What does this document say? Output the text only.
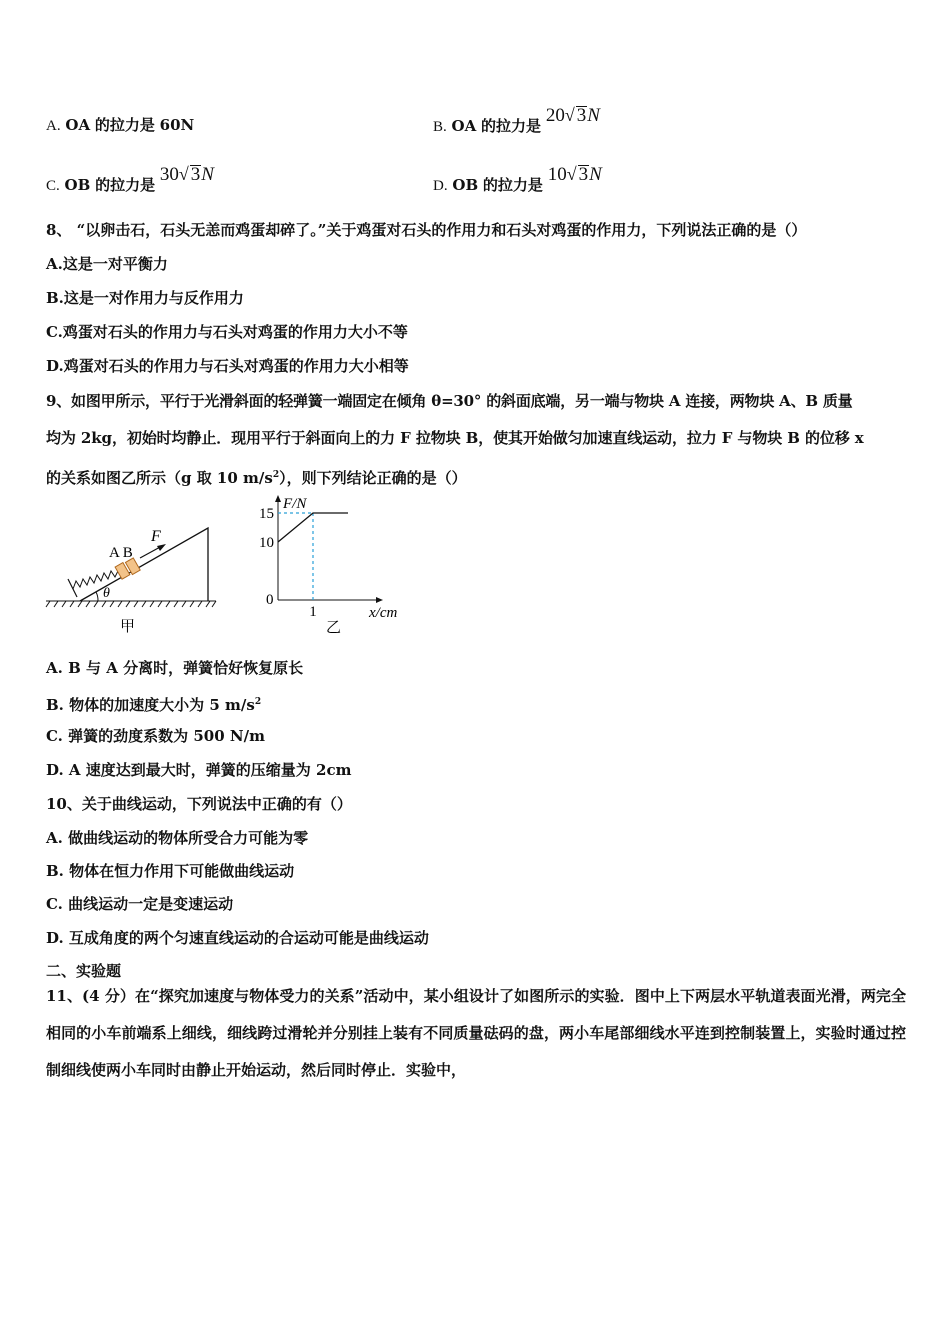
A. OA 的拉力是 60N	B. OA 的拉力是 20√ 3N
C. OB 的拉力是 30√ 3N
D. OB 的拉力是 10√ 3N
8、 “以卵击石，石头无恙而鸡蛋却碎了。”关于鸡蛋对石头的作用力和石头对鸡蛋的作用力，下列说法正确的是（）
A.这是一对平衡力
B.这是一对作用力与反作用力
C.鸡蛋对石头的作用力与石头对鸡蛋的作用力大小不等
D.鸡蛋对石头的作用力与石头对鸡蛋的作用力大小相等
9、如图甲所示，平行于光滑斜面的轻弹簧一端固定在倾角 θ=30° 的斜面底端，另一端与物块 A 连接，两物块 A、B 质量
均为 2kg，初始时均静止．现用平行于斜面向上的力 F 拉物块 B，使其开始做匀加速直线运动，拉力 F 与物块 B 的位移 x
的关系如图乙所示（g 取 10 $m/s^2$），则下列结论正确的是（）
A B
F
θ
甲
F/N
x/cm
0
乙
10
15
1
A. B 与 A 分离时，弹簧恰好恢复原长
B. 物体的加速度大小为 5 $m/s^2$
C. 弹簧的劲度系数为 500 N/m
D. A 速度达到最大时，弹簧的压缩量为 2cm
10、关于曲线运动，下列说法中正确的有（）
A. 做曲线运动的物体所受合力可能为零
B. 物体在恒力作用下可能做曲线运动
C. 曲线运动一定是变速运动
D. 互成角度的两个匀速直线运动的合运动可能是曲线运动
二、实验题
11、(4 分）在“探究加速度与物体受力的关系”活动中，某小组设计了如图所示的实验．图中上下两层水平轨道表面光滑，两完全相同的小车前端系上细线，细线跨过滑轮并分别挂上装有不同质量砝码的盘，两小车尾部细线水平连到控制装置上，实验时通过控制细线使两小车同时由静止开始运动，然后同时停止．实验中，
